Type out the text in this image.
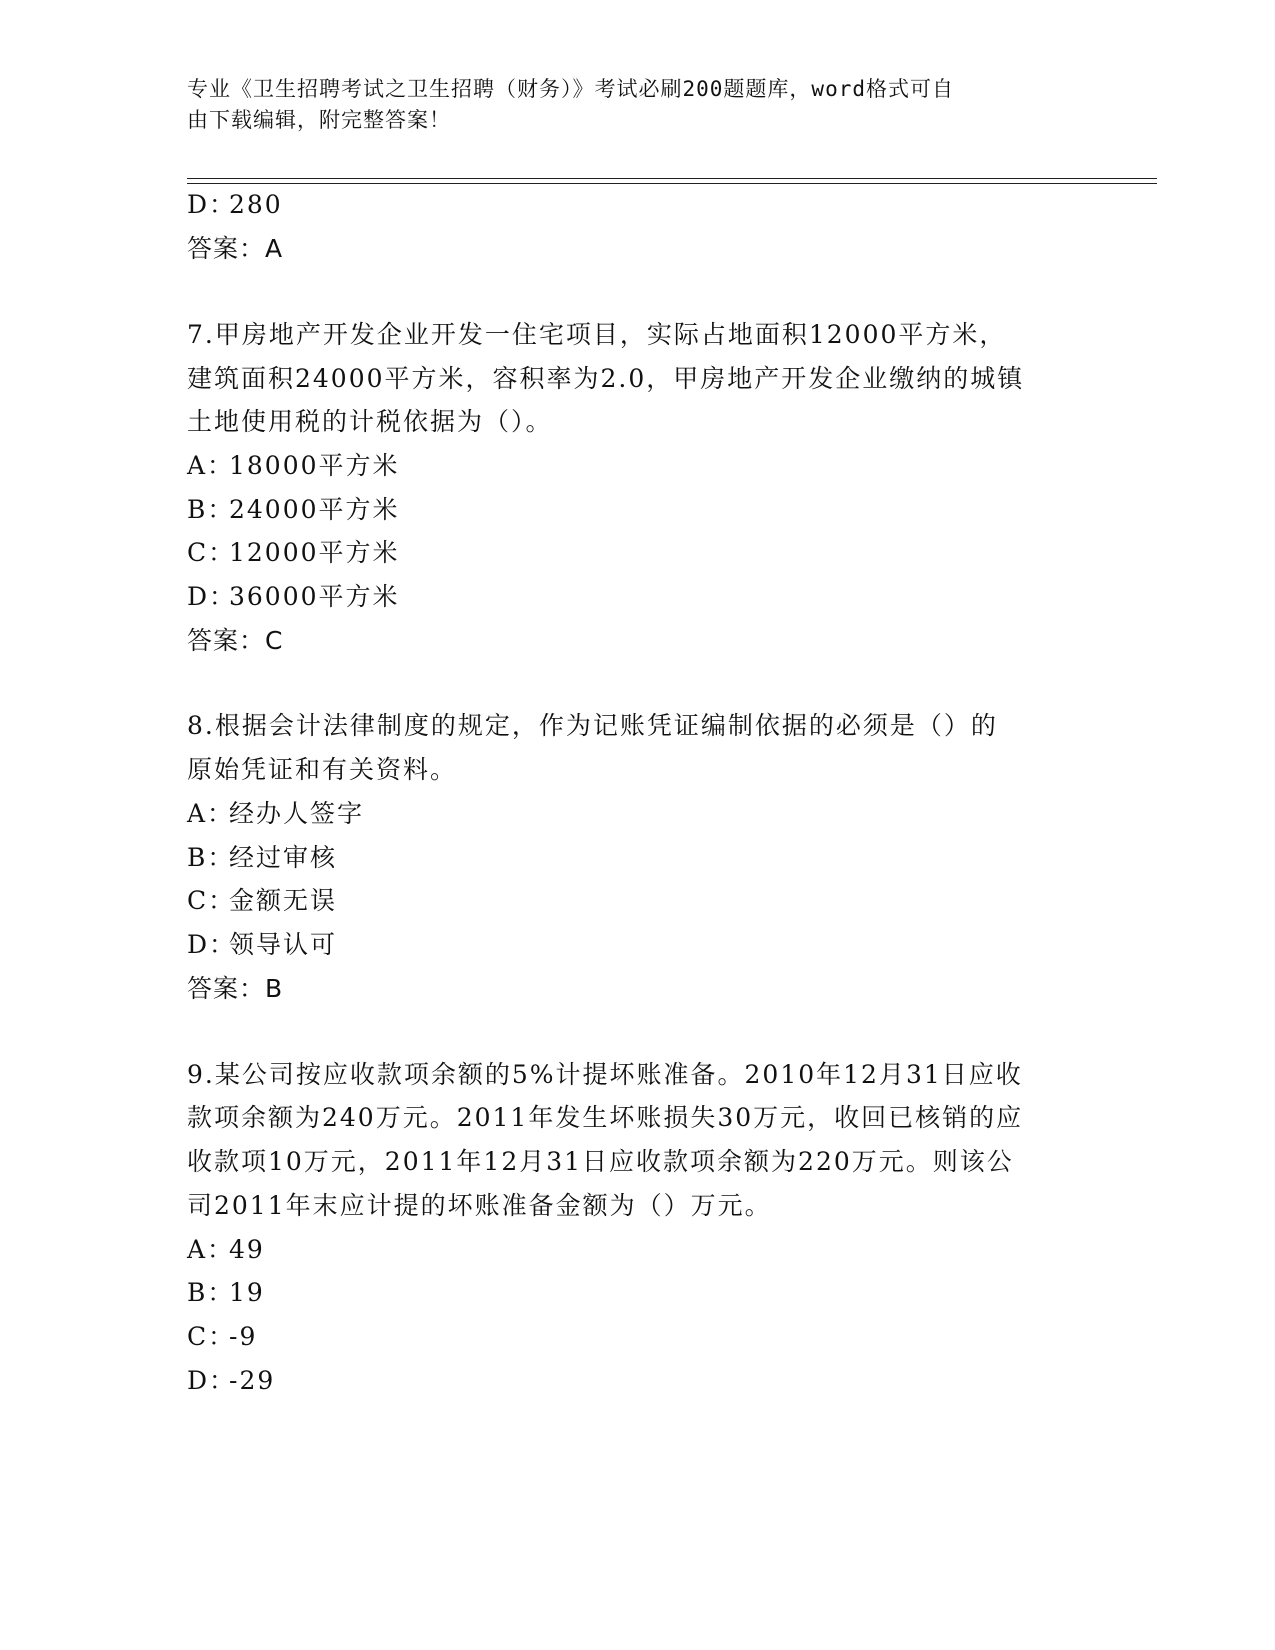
专业《卫生招聘考试之卫生招聘（财务）》考试必刷200题题库，word格式可自
由下载编辑，附完整答案！
D：280
答案：A
7.甲房地产开发企业开发一住宅项目，实际占地面积12000平方米，
建筑面积24000平方米，容积率为2.0，甲房地产开发企业缴纳的城镇
土地使用税的计税依据为（）。
A：18000平方米
B：24000平方米
C：12000平方米
D：36000平方米
答案：C
8.根据会计法律制度的规定，作为记账凭证编制依据的必须是（）的
原始凭证和有关资料。
A：经办人签字
B：经过审核
C：金额无误
D：领导认可
答案：B
9.某公司按应收款项余额的5%计提坏账准备。2010年12月31日应收
款项余额为240万元。2011年发生坏账损失30万元，收回已核销的应
收款项10万元，2011年12月31日应收款项余额为220万元。则该公
司2011年末应计提的坏账准备金额为（）万元。
A：49
B：19
C：-9
D：-29
